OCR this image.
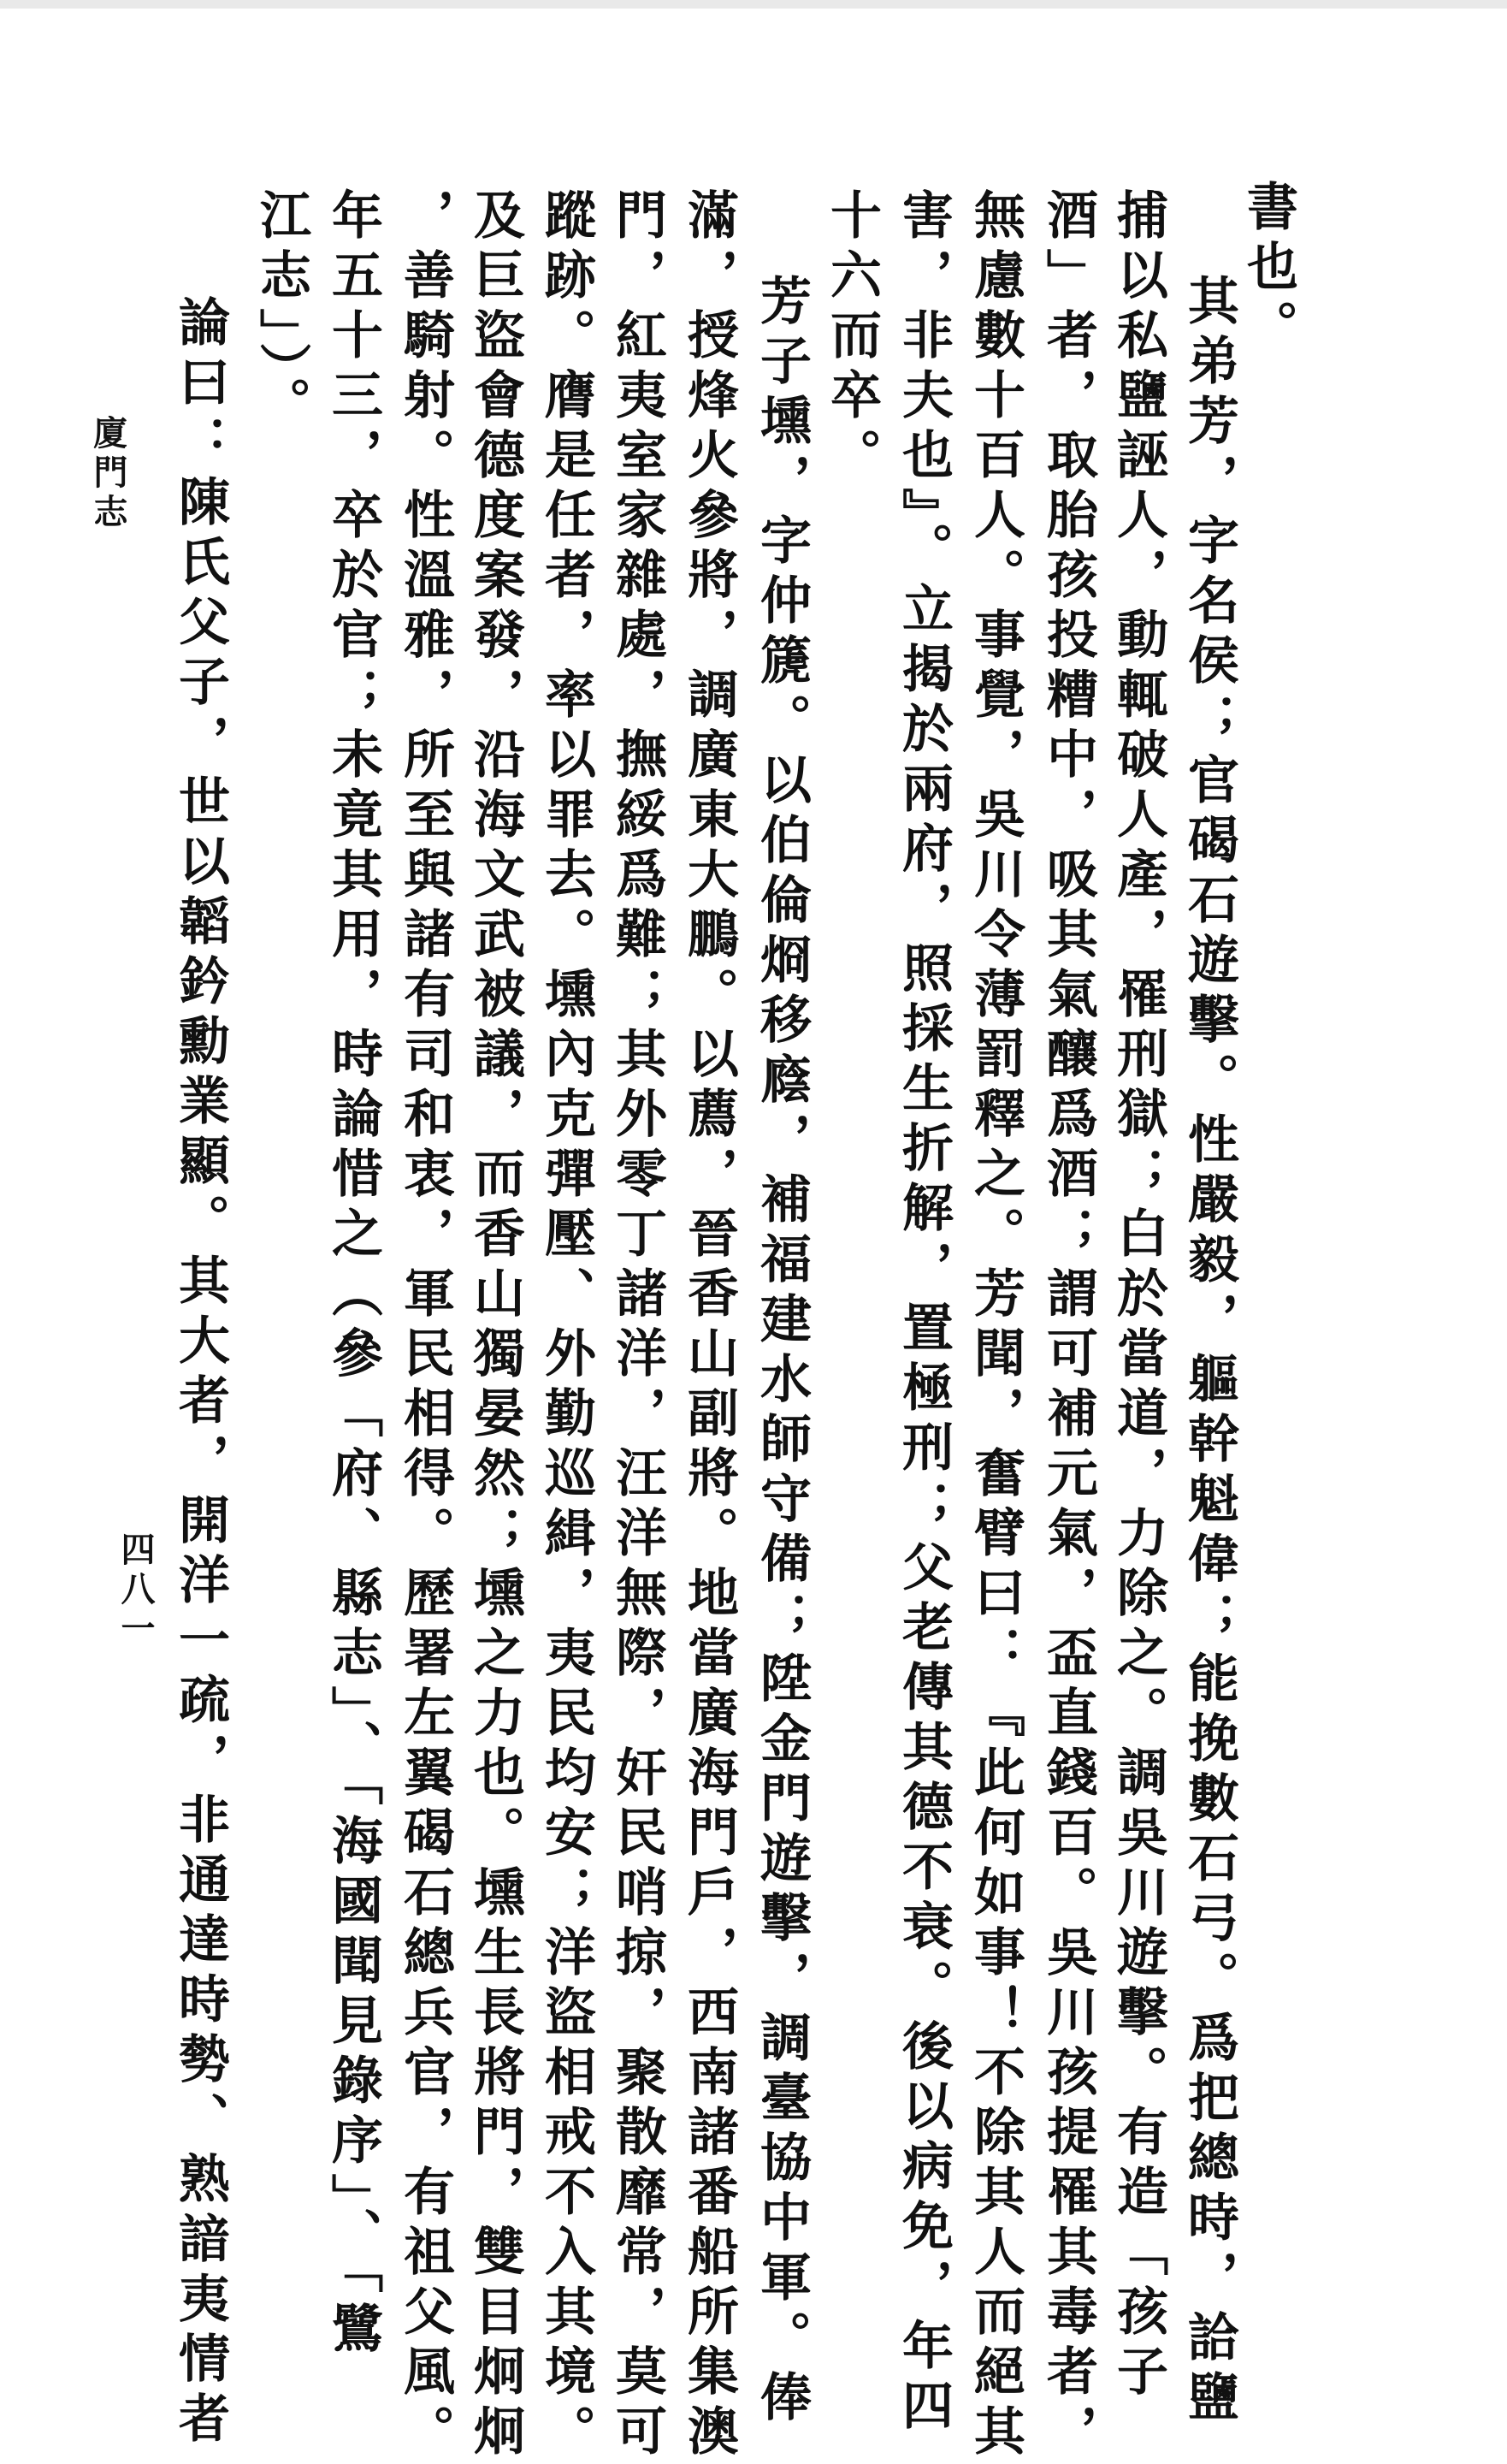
書也。
其弟芳，字名侯；官碣石遊擊。性嚴毅，軀幹魁偉；能挽數石弓。爲把總時，詥鹽
捕以私鹽誣人，動輒破人產，罹刑獄；白於當道，力除之。調吳川遊擊。有造「孩子
酒」者，取胎孩投糟中，吸其氣釀爲酒；謂可補元氣，盃直錢百。吳川孩提罹其毒者，
無慮數十百人。事覺，吳川令薄罰釋之。芳聞，奮臂曰：『此何如事！不除其人而絕其
害，非夫也』。立揭於兩府，照採生折解，置極刑；父老傳其德不衰。後以病免，年四
十六而卒。
芳子壎，字仲篪。以伯倫烱移廕，補福建水師守備；陞金門遊擊，調臺協中軍。俸
滿，授烽火參將，調廣東大鵬。以薦，晉香山副將。地當廣海門戶，西南諸番船所集澳
門，紅夷室家雜處，撫綏爲難；其外零丁諸洋，汪洋無際，奸民哨掠，聚散靡常，莫可
蹤跡。膺是任者，率以罪去。壎內克彈壓、外勤巡緝，夷民均安；洋盜相戒不入其境。
及巨盜會德度案發，沿海文武被議，而香山獨晏然；壎之力也。壎生長將門，雙目炯炯
，善騎射。性溫雅，所至與諸有司和衷，軍民相得。歷署左翼碣石總兵官，有祖父風。
年五十三，卒於官；未竟其用，時論惜之（參「府、縣志」、「海國聞見錄序」、「鷺
江志」）。
論曰：陳氏父子，世以韜鈐勳業顯。其大者，開洋一疏，非通達時勢、熟諳夷情者
廈門志
四八一
